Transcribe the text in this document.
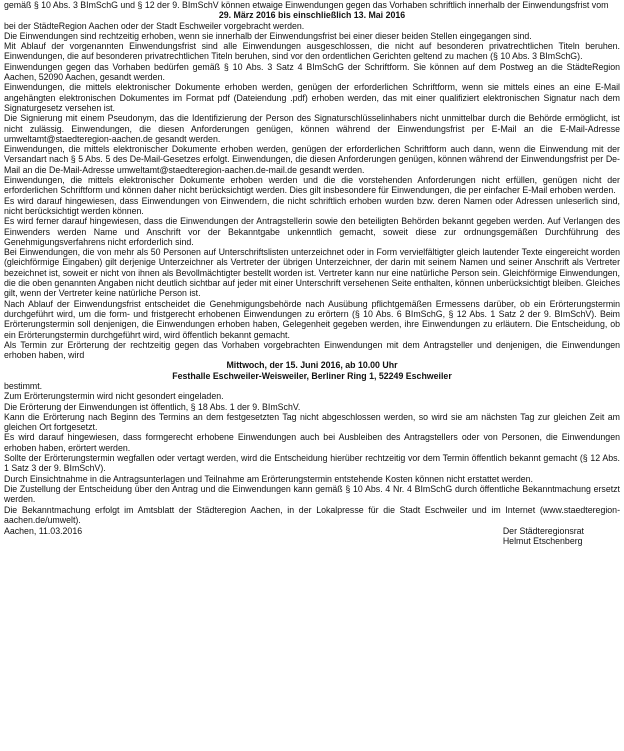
gemäß § 10 Abs. 3 BImSchG und § 12 der 9. BImSchV können etwaige Einwendungen gegen das Vorhaben schriftlich innerhalb der Einwendungsfrist vom

29. März 2016 bis einschließlich 13. Mai 2016

bei der StädteRegion Aachen oder der Stadt Eschweiler vorgebracht werden.

Die Einwendungen sind rechtzeitig erhoben, wenn sie innerhalb der Einwendungsfrist bei einer dieser beiden Stellen eingegangen sind.

Mit Ablauf der vorgenannten Einwendungsfrist sind alle Einwendungen ausgeschlossen, die nicht auf besonderen privatrechtlichen Titeln beruhen. Einwendungen, die auf besonderen privatrechtlichen Titeln beruhen, sind vor den ordentlichen Gerichten geltend zu machen (§ 10 Abs. 3 BImSchG).

Einwendungen gegen das Vorhaben bedürfen gemäß § 10 Abs. 3 Satz 4 BImSchG der Schriftform. Sie können auf dem Postweg an die StädteRegion Aachen, 52090 Aachen, gesandt werden.

Einwendungen, die mittels elektronischer Dokumente erhoben werden, genügen der erforderlichen Schriftform, wenn sie mittels eines an eine E-Mail angehängten elektronischen Dokumentes im Format pdf (Dateiendung .pdf) erhoben werden, das mit einer qualifiziert elektronischen Signatur nach dem Signaturgesetz versehen ist.

Die Signierung mit einem Pseudonym, das die Identifizierung der Person des Signaturschlüsselinhabers nicht unmittelbar durch die Behörde ermöglicht, ist nicht zulässig. Einwendungen, die diesen Anforderungen genügen, können während der Einwendungsfrist per E-Mail an die E-Mail-Adresse umweltamt@staedteregion-aachen.de gesandt werden.

Einwendungen, die mittels elektronischer Dokumente erhoben werden, genügen der erforderlichen Schriftform auch dann, wenn die Einwendung mit der Versandart nach § 5 Abs. 5 des De-Mail-Gesetzes erfolgt. Einwendungen, die diesen Anforderungen genügen, können während der Einwendungsfrist per De-Mail an die De-Mail-Adresse umweltamt@staedteregion-aachen.de-mail.de gesandt werden.

Einwendungen, die mittels elektronischer Dokumente erhoben werden und die die vorstehenden Anforderungen nicht erfüllen, genügen nicht der erforderlichen Schriftform und können daher nicht berücksichtigt werden. Dies gilt insbesondere für Einwendungen, die per einfacher E-Mail erhoben werden.

Es wird darauf hingewiesen, dass Einwendungen von Einwendern, die nicht schriftlich erhoben wurden bzw. deren Namen oder Adressen unleserlich sind, nicht berücksichtigt werden können.

Es wird ferner darauf hingewiesen, dass die Einwendungen der Antragstellerin sowie den beteiligten Behörden bekannt gegeben werden. Auf Verlangen des Einwenders werden Name und Anschrift vor der Bekanntgabe unkenntlich gemacht, soweit diese zur ordnungsgemäßen Durchführung des Genehmigungsverfahrens nicht erforderlich sind.

Bei Einwendungen, die von mehr als 50 Personen auf Unterschriftslisten unterzeichnet oder in Form vervielfältigter gleich lautender Texte eingereicht worden (gleichförmige Eingaben) gilt derjenige Unterzeichner als Vertreter der übrigen Unterzeichner, der darin mit seinem Namen und seiner Anschrift als Vertreter bezeichnet ist, soweit er nicht von ihnen als Bevollmächtigter bestellt worden ist. Vertreter kann nur eine natürliche Person sein. Gleichförmige Einwendungen, die die oben genannten Angaben nicht deutlich sichtbar auf jeder mit einer Unterschrift versehenen Seite enthalten, können unberücksichtigt bleiben. Gleiches gilt, wenn der Vertreter keine natürliche Person ist.

Nach Ablauf der Einwendungsfrist entscheidet die Genehmigungsbehörde nach Ausübung pflichtgemäßen Ermessens darüber, ob ein Erörterungstermin durchgeführt wird, um die form- und fristgerecht erhobenen Einwendungen zu erörtern (§ 10 Abs. 6 BImSchG, § 12 Abs. 1 Satz 2 der 9. BImSchV). Beim Erörterungstermin soll denjenigen, die Einwendungen erhoben haben, Gelegenheit gegeben werden, ihre Einwendungen zu erläutern. Die Entscheidung, ob ein Erörterungstermin durchgeführt wird, wird öffentlich bekannt gemacht.

Als Termin zur Erörterung der rechtzeitig gegen das Vorhaben vorgebrachten Einwendungen mit dem Antragsteller und denjenigen, die Einwendungen erhoben haben, wird

Mittwoch, der 15. Juni 2016, ab 10.00 Uhr

Festhalle Eschweiler-Weisweiler, Berliner Ring 1, 52249 Eschweiler

bestimmt.

Zum Erörterungstermin wird nicht gesondert eingeladen.

Die Erörterung der Einwendungen ist öffentlich, § 18 Abs. 1 der 9. BImSchV.

Kann die Erörterung nach Beginn des Termins an dem festgesetzten Tag nicht abgeschlossen werden, so wird sie am nächsten Tag zur gleichen Zeit am gleichen Ort fortgesetzt.

Es wird darauf hingewiesen, dass formgerecht erhobene Einwendungen auch bei Ausbleiben des Antragstellers oder von Personen, die Einwendungen erhoben haben, erörtert werden.

Sollte der Erörterungstermin wegfallen oder vertagt werden, wird die Entscheidung hierüber rechtzeitig vor dem Termin öffentlich bekannt gemacht (§ 12 Abs. 1 Satz 3 der 9. BImSchV).

Durch Einsichtnahme in die Antragsunterlagen und Teilnahme am Erörterungstermin entstehende Kosten können nicht erstattet werden.

Die Zustellung der Entscheidung über den Antrag und die Einwendungen kann gemäß § 10 Abs. 4 Nr. 4 BImSchG durch öffentliche Bekanntmachung ersetzt werden.

Die Bekanntmachung erfolgt im Amtsblatt der Städteregion Aachen, in der Lokalpresse für die Stadt Eschweiler und im Internet (www.staedteregion-aachen.de/umwelt).

Aachen, 11.03.2016	Der Städteregionsrat
Helmut Etschenberg
